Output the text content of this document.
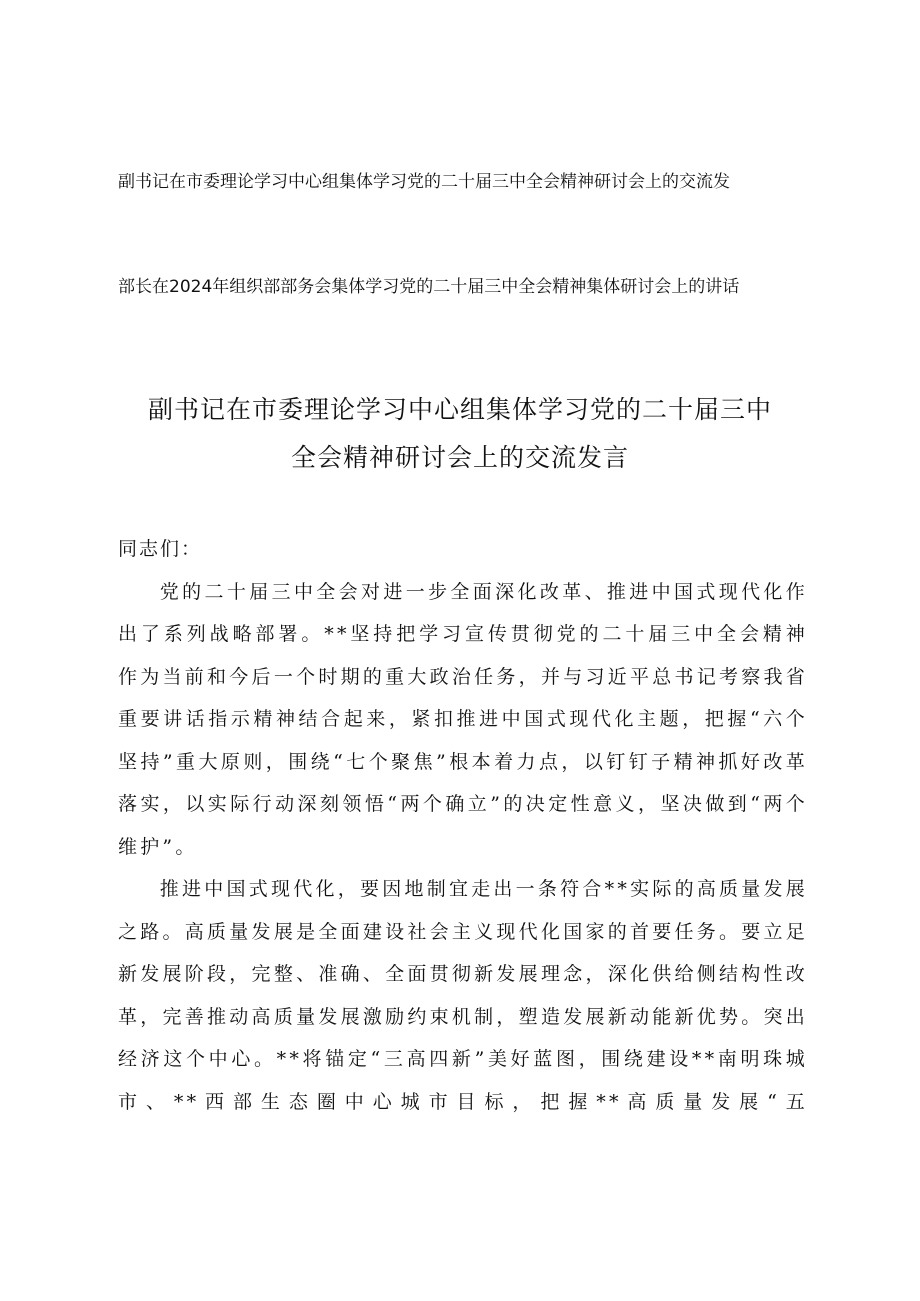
副书记在市委理论学习中心组集体学习党的二十届三中全会精神研讨会上的交流发
部长在2024年组织部部务会集体学习党的二十届三中全会精神集体研讨会上的讲话
副书记在市委理论学习中心组集体学习党的二十届三中
全会精神研讨会上的交流发言

同志们：

党的二十届三中全会对进一步全面深化改革、推进中国式现代化作出了系列战略部署。**坚持把学习宣传贯彻党的二十届三中全会精神作为当前和今后一个时期的重大政治任务，并与习近平总书记考察我省重要讲话指示精神结合起来，紧扣推进中国式现代化主题，把握“六个坚持”重大原则，围绕“七个聚焦”根本着力点，以钉钉子精神抓好改革落实，以实际行动深刻领悟“两个确立”的决定性意义，坚决做到“两个维护”。

推进中国式现代化，要因地制宜走出一条符合**实际的高质量发展之路。高质量发展是全面建设社会主义现代化国家的首要任务。要立足新发展阶段，完整、准确、全面贯彻新发展理念，深化供给侧结构性改革，完善推动高质量发展激励约束机制，塑造发展新动能新优势。突出经济这个中心。**将锚定“三高四新”美好蓝图，围绕建设**南明珠城市、**西部生态圈中心城市目标，把握**高质量发展“五
